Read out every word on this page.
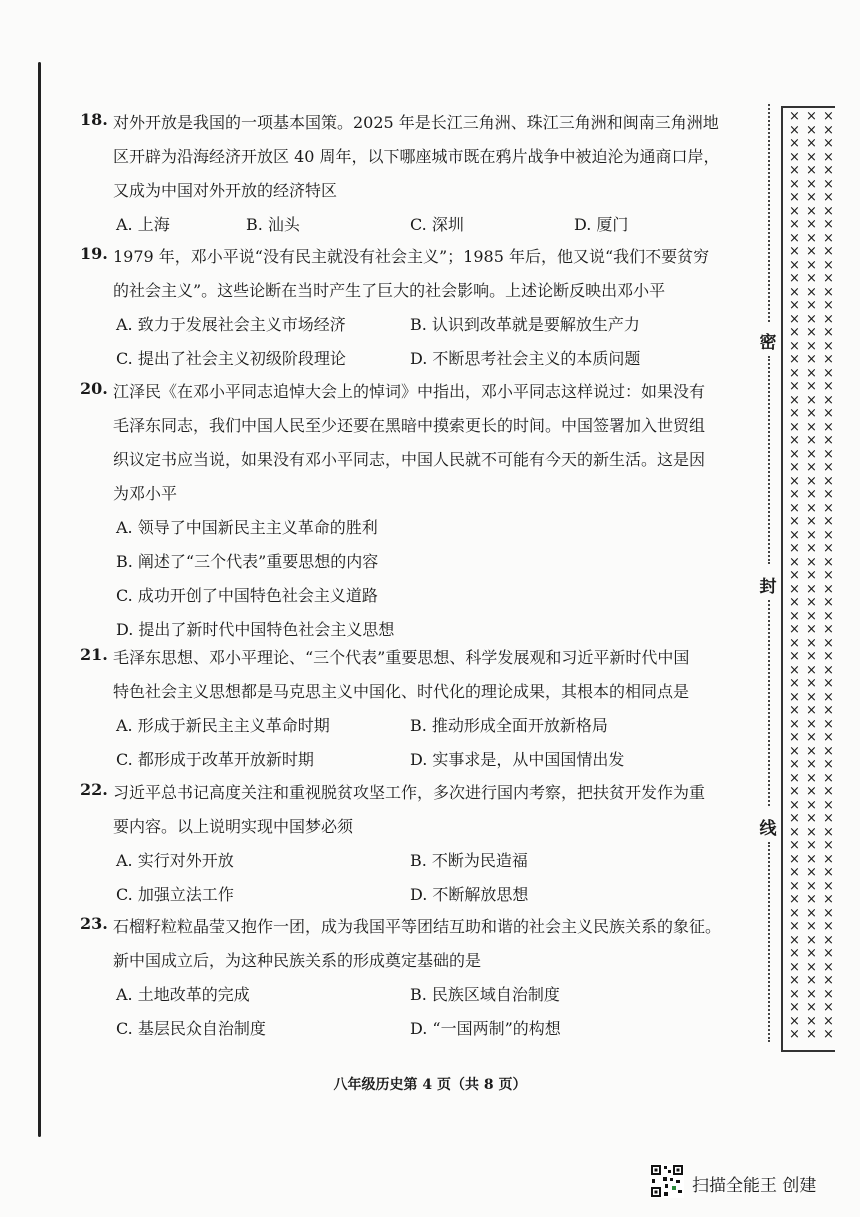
18. 对外开放是我国的一项基本国策。2025 年是长江三角洲、珠江三角洲和闽南三角洲地
区开辟为沿海经济开放区 40 周年，以下哪座城市既在鸦片战争中被迫沦为通商口岸，
又成为中国对外开放的经济特区
A. 上海	B. 汕头	C. 深圳	D. 厦门
19. 1979 年，邓小平说“没有民主就没有社会主义”；1985 年后，他又说“我们不要贫穷
的社会主义”。这些论断在当时产生了巨大的社会影响。上述论断反映出邓小平
A. 致力于发展社会主义市场经济	B. 认识到改革就是要解放生产力
C. 提出了社会主义初级阶段理论	D. 不断思考社会主义的本质问题
20. 江泽民《在邓小平同志追悼大会上的悼词》中指出，邓小平同志这样说过：如果没有
毛泽东同志，我们中国人民至少还要在黑暗中摸索更长的时间。中国签署加入世贸组
织议定书应当说，如果没有邓小平同志，中国人民就不可能有今天的新生活。这是因
为邓小平
A. 领导了中国新民主主义革命的胜利
B. 阐述了“三个代表”重要思想的内容
C. 成功开创了中国特色社会主义道路
D. 提出了新时代中国特色社会主义思想
21. 毛泽东思想、邓小平理论、“三个代表”重要思想、科学发展观和习近平新时代中国
特色社会主义思想都是马克思主义中国化、时代化的理论成果，其根本的相同点是
A. 形成于新民主主义革命时期	B. 推动形成全面开放新格局
C. 都形成于改革开放新时期	D. 实事求是，从中国国情出发
22. 习近平总书记高度关注和重视脱贫攻坚工作，多次进行国内考察，把扶贫开发作为重
要内容。以上说明实现中国梦必须
A. 实行对外开放	B. 不断为民造福
C. 加强立法工作	D. 不断解放思想
23. 石榴籽粒粒晶莹又抱作一团，成为我国平等团结互助和谐的社会主义民族关系的象征。
新中国成立后，为这种民族关系的形成奠定基础的是
A. 土地改革的完成	B. 民族区域自治制度
C. 基层民众自治制度	D. “一国两制”的构想
密
封
线
× × ×
× × ×
× × ×
× × ×
× × ×
× × ×
× × ×
× × ×
× × ×
× × ×
× × ×
× × ×
× × ×
× × ×
× × ×
× × ×
× × ×
× × ×
× × ×
× × ×
× × ×
× × ×
× × ×
× × ×
× × ×
× × ×
× × ×
× × ×
× × ×
× × ×
× × ×
× × ×
× × ×
× × ×
× × ×
× × ×
× × ×
× × ×
× × ×
× × ×
× × ×
× × ×
× × ×
× × ×
× × ×
× × ×
× × ×
× × ×
× × ×
× × ×
× × ×
× × ×
× × ×
× × ×
× × ×
× × ×
× × ×
× × ×
× × ×
× × ×
× × ×
× × ×
× × ×
× × ×
× × ×
× × ×
× × ×
× × ×
× × ×
八年级历史第 4 页（共 8 页）
扫描全能王 创建
